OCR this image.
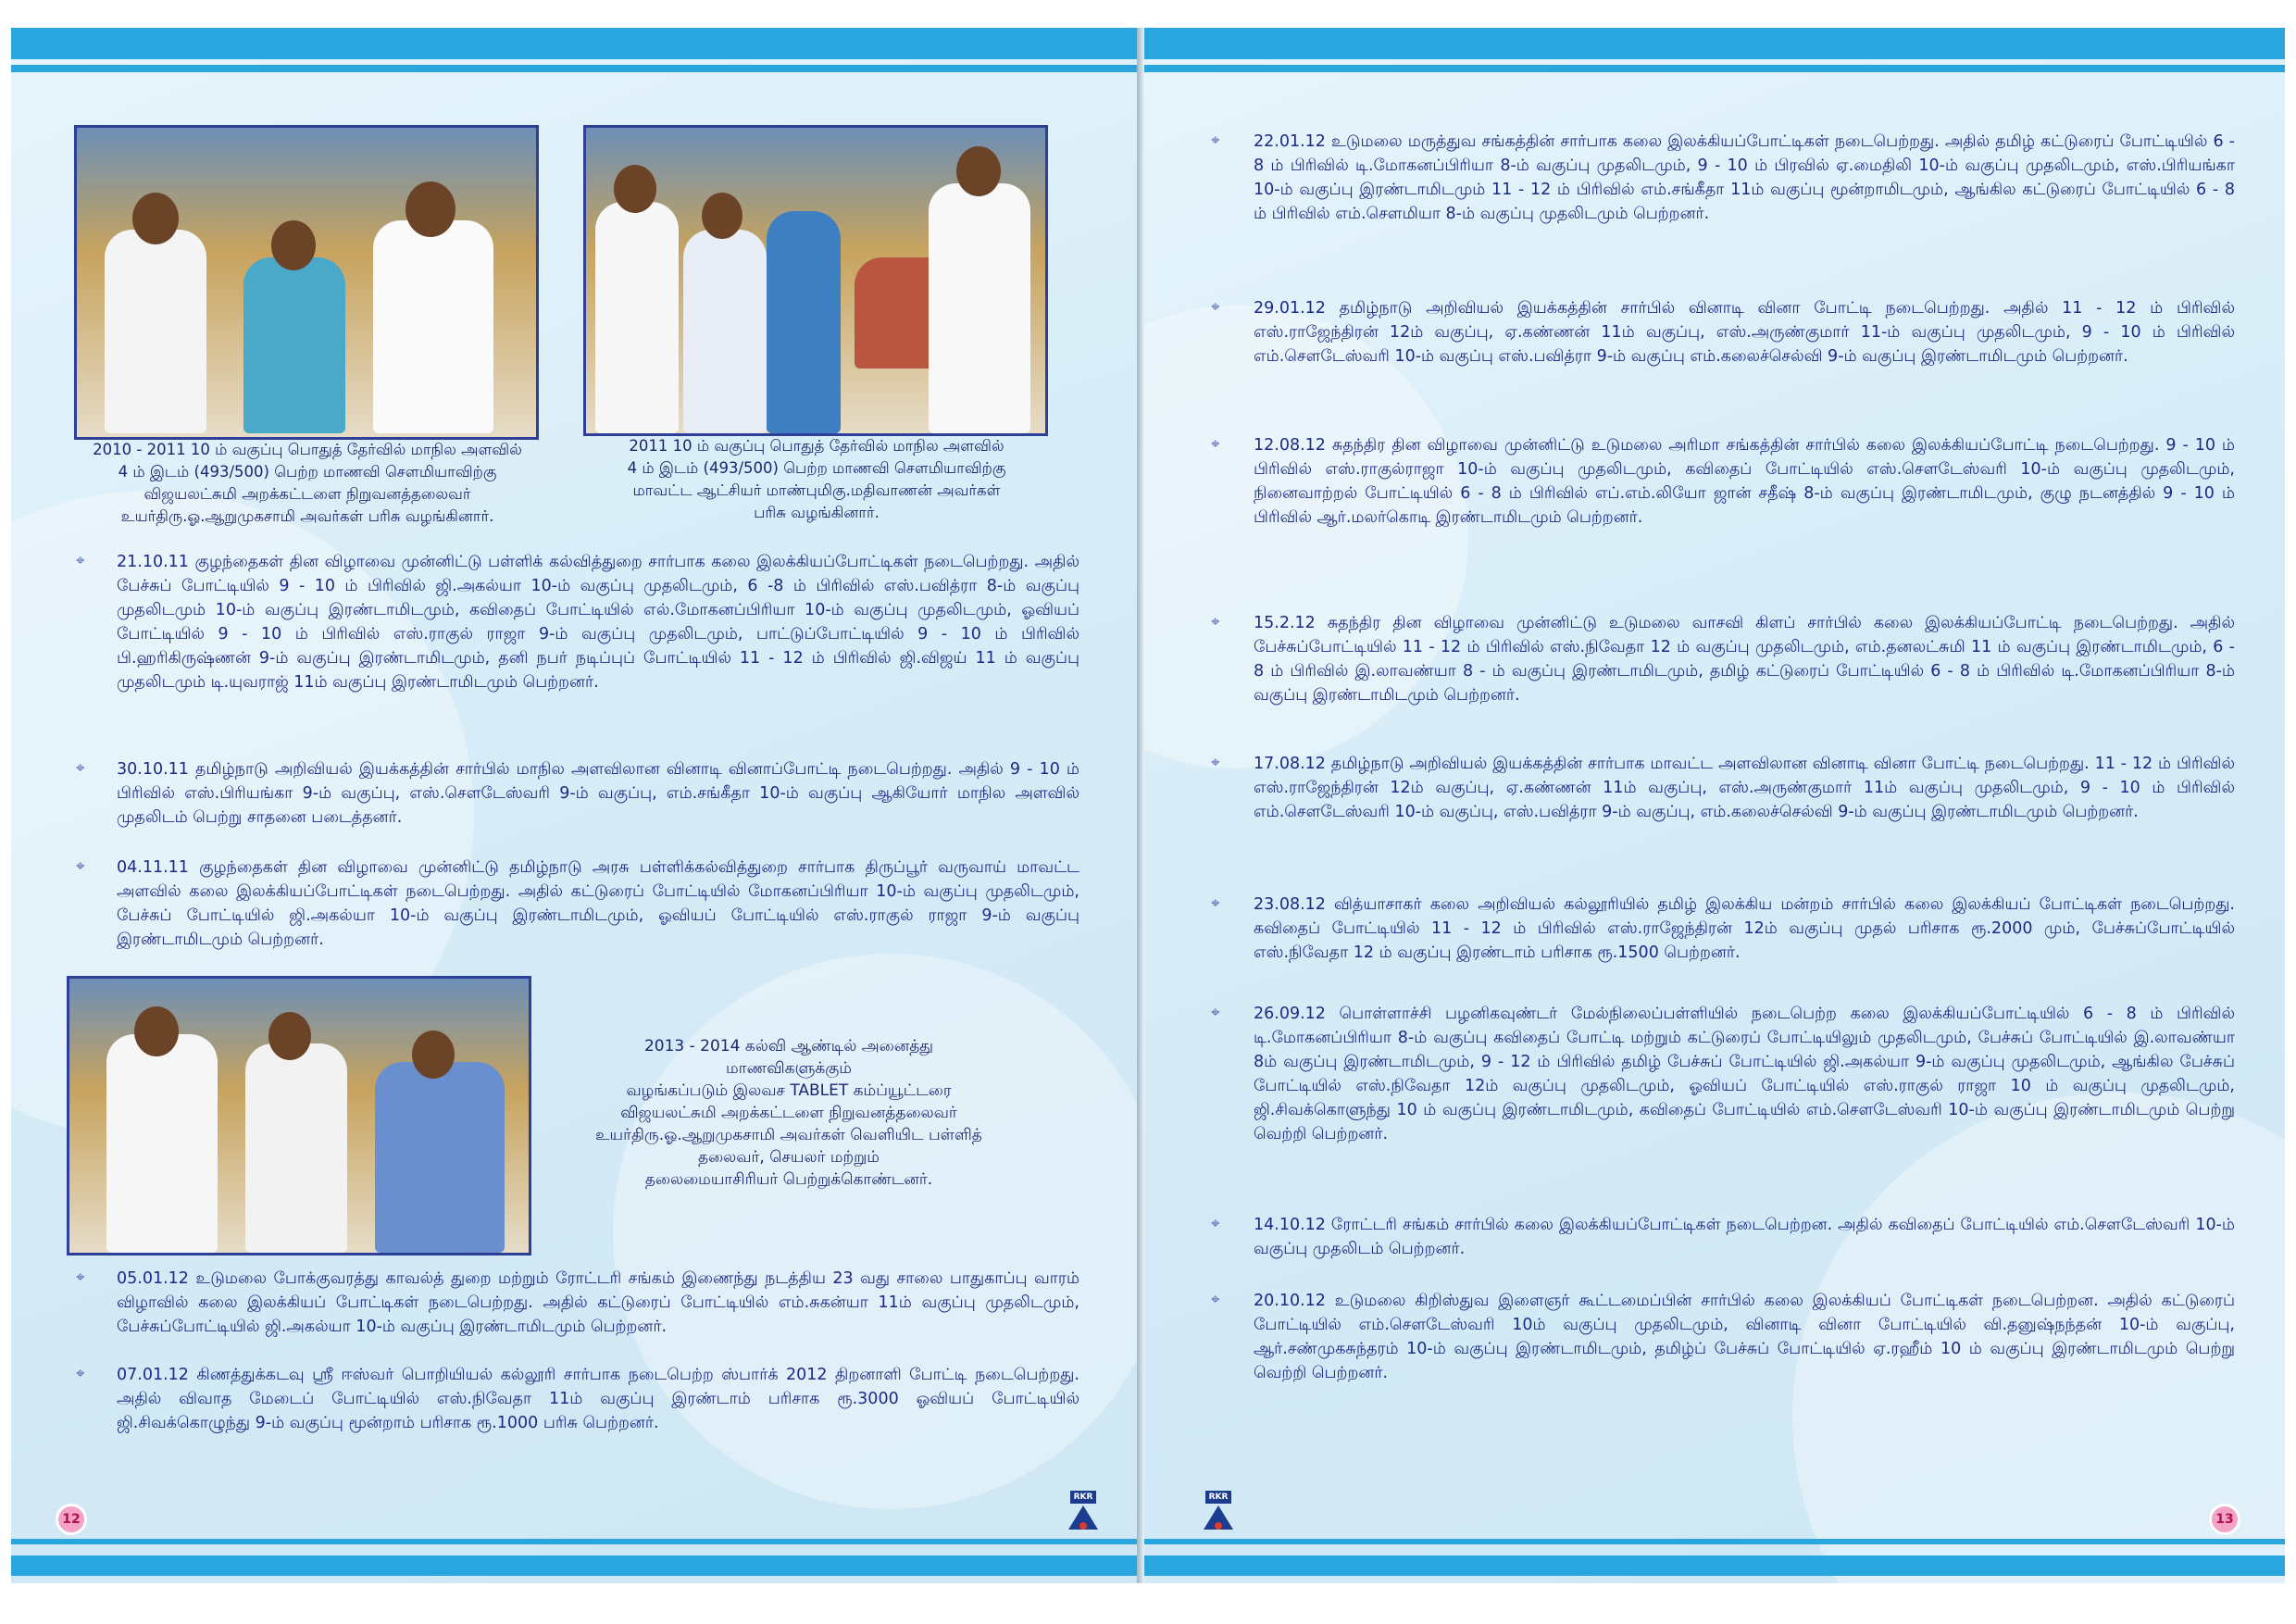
2010 - 2011 10 ம் வகுப்பு பொதுத் தேர்வில் மாநில அளவில்
4 ம் இடம் (493/500) பெற்ற மாணவி சௌமியாவிற்கு
விஜயலட்சுமி அறக்கட்டளை நிறுவனத்தலைவர்
உயர்திரு.ஓ.ஆறுமுகசாமி அவர்கள் பரிசு வழங்கினார்.
2011 10 ம் வகுப்பு பொதுத் தேர்வில் மாநில அளவில்
4 ம் இடம் (493/500) பெற்ற மாணவி சௌமியாவிற்கு
மாவட்ட ஆட்சியர் மாண்புமிகு.மதிவாணன் அவர்கள்
பரிசு வழங்கினார்.
⌖ 21.10.11 குழந்தைகள் தின விழாவை முன்னிட்டு பள்ளிக் கல்வித்துறை சார்பாக கலை இலக்கியப்போட்டிகள் நடைபெற்றது. அதில் பேச்சுப் போட்டியில் 9 - 10 ம் பிரிவில் ஜி.அகல்யா 10-ம் வகுப்பு முதலிடமும், 6 -8 ம் பிரிவில் எஸ்.பவித்ரா 8-ம் வகுப்பு முதலிடமும் 10-ம் வகுப்பு இரண்டாமிடமும், கவிதைப் போட்டியில் எல்.மோகனப்பிரியா 10-ம் வகுப்பு முதலிடமும், ஓவியப் போட்டியில் 9 - 10 ம் பிரிவில் எஸ்.ராகுல் ராஜா 9-ம் வகுப்பு முதலிடமும், பாட்டுப்போட்டியில் 9 - 10 ம் பிரிவில் பி.ஹரிகிருஷ்ணன் 9-ம் வகுப்பு இரண்டாமிடமும், தனி நபர் நடிப்புப் போட்டியில் 11 - 12 ம் பிரிவில் ஜி.விஜய் 11 ம் வகுப்பு முதலிடமும் டி.யுவராஜ் 11ம் வகுப்பு இரண்டாமிடமும் பெற்றனர்.
⌖ 30.10.11 தமிழ்நாடு அறிவியல் இயக்கத்தின் சார்பில் மாநில அளவிலான வினாடி வினாப்போட்டி நடைபெற்றது. அதில் 9 - 10 ம் பிரிவில் எஸ்.பிரியங்கா 9-ம் வகுப்பு, எஸ்.சௌடேஸ்வரி 9-ம் வகுப்பு, எம்.சங்கீதா 10-ம் வகுப்பு ஆகியோர் மாநில அளவில் முதலிடம் பெற்று சாதனை படைத்தனர்.
⌖ 04.11.11 குழந்தைகள் தின விழாவை முன்னிட்டு தமிழ்நாடு அரசு பள்ளிக்கல்வித்துறை சார்பாக திருப்பூர் வருவாய் மாவட்ட அளவில் கலை இலக்கியப்போட்டிகள் நடைபெற்றது. அதில் கட்டுரைப் போட்டியில் மோகனப்பிரியா 10-ம் வகுப்பு முதலிடமும், பேச்சுப் போட்டியில் ஜி.அகல்யா 10-ம் வகுப்பு இரண்டாமிடமும், ஓவியப் போட்டியில் எஸ்.ராகுல் ராஜா 9-ம் வகுப்பு இரண்டாமிடமும் பெற்றனர்.
2013 - 2014 கல்வி ஆண்டில் அனைத்து
மாணவிகளுக்கும்
வழங்கப்படும் இலவச TABLET கம்ப்யூட்டரை
விஜயலட்சுமி அறக்கட்டளை நிறுவனத்தலைவர்
உயர்திரு.ஓ.ஆறுமுகசாமி அவர்கள் வெளியிட பள்ளித்
தலைவர், செயலர் மற்றும்
தலைமையாசிரியர் பெற்றுக்கொண்டனர்.
⌖ 05.01.12 உடுமலை போக்குவரத்து காவல்த் துறை மற்றும் ரோட்டரி சங்கம் இணைந்து நடத்திய 23 வது சாலை பாதுகாப்பு வாரம் விழாவில் கலை இலக்கியப் போட்டிகள் நடைபெற்றது. அதில் கட்டுரைப் போட்டியில் எம்.சுகன்யா 11ம் வகுப்பு முதலிடமும், பேச்சுப்போட்டியில் ஜி.அகல்யா 10-ம் வகுப்பு இரண்டாமிடமும் பெற்றனர்.
⌖ 07.01.12 கிணத்துக்கடவு ஸ்ரீ ஈஸ்வர் பொறியியல் கல்லூரி சார்பாக நடைபெற்ற ஸ்பார்க் 2012 திறனாளி போட்டி நடைபெற்றது. அதில் விவாத மேடைப் போட்டியில் எஸ்.நிவேதா 11ம் வகுப்பு இரண்டாம் பரிசாக ரூ.3000 ஓவியப் போட்டியில் ஜி.சிவக்கொழுந்து 9-ம் வகுப்பு மூன்றாம் பரிசாக ரூ.1000 பரிசு பெற்றனர்.
12
RKR
⌖ 22.01.12 உடுமலை மருத்துவ சங்கத்தின் சார்பாக கலை இலக்கியப்போட்டிகள் நடைபெற்றது. அதில் தமிழ் கட்டுரைப் போட்டியில் 6 - 8 ம் பிரிவில் டி.மோகனப்பிரியா 8-ம் வகுப்பு முதலிடமும், 9 - 10 ம் பிரவில் ஏ.மைதிலி 10-ம் வகுப்பு முதலிடமும், எஸ்.பிரியங்கா 10-ம் வகுப்பு இரண்டாமிடமும் 11 - 12 ம் பிரிவில் எம்.சங்கீதா 11ம் வகுப்பு மூன்றாமிடமும், ஆங்கில கட்டுரைப் போட்டியில் 6 - 8 ம் பிரிவில் எம்.சௌமியா 8-ம் வகுப்பு முதலிடமும் பெற்றனர்.
⌖ 29.01.12 தமிழ்நாடு அறிவியல் இயக்கத்தின் சார்பில் வினாடி வினா போட்டி நடைபெற்றது. அதில் 11 - 12 ம் பிரிவில் எஸ்.ராஜேந்திரன் 12ம் வகுப்பு, ஏ.கண்ணன் 11ம் வகுப்பு, எஸ்.அருண்குமார் 11-ம் வகுப்பு முதலிடமும், 9 - 10 ம் பிரிவில் எம்.சௌடேஸ்வரி 10-ம் வகுப்பு எஸ்.பவித்ரா 9-ம் வகுப்பு எம்.கலைச்செல்வி 9-ம் வகுப்பு இரண்டாமிடமும் பெற்றனர்.
⌖ 12.08.12 சுதந்திர தின விழாவை முன்னிட்டு உடுமலை அரிமா சங்கத்தின் சார்பில் கலை இலக்கியப்போட்டி நடைபெற்றது. 9 - 10 ம் பிரிவில் எஸ்.ராகுல்ராஜா 10-ம் வகுப்பு முதலிடமும், கவிதைப் போட்டியில் எஸ்.சௌடேஸ்வரி 10-ம் வகுப்பு முதலிடமும், நினைவாற்றல் போட்டியில் 6 - 8 ம் பிரிவில் எப்.எம்.லியோ ஜான் சதீஷ் 8-ம் வகுப்பு இரண்டாமிடமும், குழு நடனத்தில் 9 - 10 ம் பிரிவில் ஆர்.மலர்கொடி இரண்டாமிடமும் பெற்றனர்.
⌖ 15.2.12 சுதந்திர தின விழாவை முன்னிட்டு உடுமலை வாசவி கிளப் சார்பில் கலை இலக்கியப்போட்டி நடைபெற்றது. அதில் பேச்சுப்போட்டியில் 11 - 12 ம் பிரிவில் எஸ்.நிவேதா 12 ம் வகுப்பு முதலிடமும், எம்.தனலட்சுமி 11 ம் வகுப்பு இரண்டாமிடமும், 6 - 8 ம் பிரிவில் இ.லாவண்யா 8 - ம் வகுப்பு இரண்டாமிடமும், தமிழ் கட்டுரைப் போட்டியில் 6 - 8 ம் பிரிவில் டி.மோகனப்பிரியா 8-ம் வகுப்பு இரண்டாமிடமும் பெற்றனர்.
⌖ 17.08.12 தமிழ்நாடு அறிவியல் இயக்கத்தின் சார்பாக மாவட்ட அளவிலான வினாடி வினா போட்டி நடைபெற்றது. 11 - 12 ம் பிரிவில் எஸ்.ராஜேந்திரன் 12ம் வகுப்பு, ஏ.கண்ணன் 11ம் வகுப்பு, எஸ்.அருண்குமார் 11ம் வகுப்பு முதலிடமும், 9 - 10 ம் பிரிவில் எம்.சௌடேஸ்வரி 10-ம் வகுப்பு, எஸ்.பவித்ரா 9-ம் வகுப்பு, எம்.கலைச்செல்வி 9-ம் வகுப்பு இரண்டாமிடமும் பெற்றனர்.
⌖ 23.08.12 வித்யாசாகர் கலை அறிவியல் கல்லூரியில் தமிழ் இலக்கிய மன்றம் சார்பில் கலை இலக்கியப் போட்டிகள் நடைபெற்றது. கவிதைப் போட்டியில் 11 - 12 ம் பிரிவில் எஸ்.ராஜேந்திரன் 12ம் வகுப்பு முதல் பரிசாக ரூ.2000 மும், பேச்சுப்போட்டியில் எஸ்.நிவேதா 12 ம் வகுப்பு இரண்டாம் பரிசாக ரூ.1500 பெற்றனர்.
⌖ 26.09.12 பொள்ளாச்சி பழனிகவுண்டர் மேல்நிலைப்பள்ளியில் நடைபெற்ற கலை இலக்கியப்போட்டியில் 6 - 8 ம் பிரிவில் டி.மோகனப்பிரியா 8-ம் வகுப்பு கவிதைப் போட்டி மற்றும் கட்டுரைப் போட்டியிலும் முதலிடமும், பேச்சுப் போட்டியில் இ.லாவண்யா 8ம் வகுப்பு இரண்டாமிடமும், 9 - 12 ம் பிரிவில் தமிழ் பேச்சுப் போட்டியில் ஜி.அகல்யா 9-ம் வகுப்பு முதலிடமும், ஆங்கில பேச்சுப் போட்டியில் எஸ்.நிவேதா 12ம் வகுப்பு முதலிடமும், ஓவியப் போட்டியில் எஸ்.ராகுல் ராஜா 10 ம் வகுப்பு முதலிடமும், ஜி.சிவக்கொளுந்து 10 ம் வகுப்பு இரண்டாமிடமும், கவிதைப் போட்டியில் எம்.சௌடேஸ்வரி 10-ம் வகுப்பு இரண்டாமிடமும் பெற்று வெற்றி பெற்றனர்.
⌖ 14.10.12 ரோட்டரி சங்கம் சார்பில் கலை இலக்கியப்போட்டிகள் நடைபெற்றன. அதில் கவிதைப் போட்டியில் எம்.சௌடேஸ்வரி 10-ம் வகுப்பு முதலிடம் பெற்றனர்.
⌖ 20.10.12 உடுமலை கிறிஸ்துவ இளைஞர் கூட்டமைப்பின் சார்பில் கலை இலக்கியப் போட்டிகள் நடைபெற்றன. அதில் கட்டுரைப் போட்டியில் எம்.சௌடேஸ்வரி 10ம் வகுப்பு முதலிடமும், வினாடி வினா போட்டியில் வி.தனுஷ்நந்தன் 10-ம் வகுப்பு, ஆர்.சண்முகசுந்தரம் 10-ம் வகுப்பு இரண்டாமிடமும், தமிழ்ப் பேச்சுப் போட்டியில் ஏ.ரஹீம் 10 ம் வகுப்பு இரண்டாமிடமும் பெற்று வெற்றி பெற்றனர்.
13
RKR
